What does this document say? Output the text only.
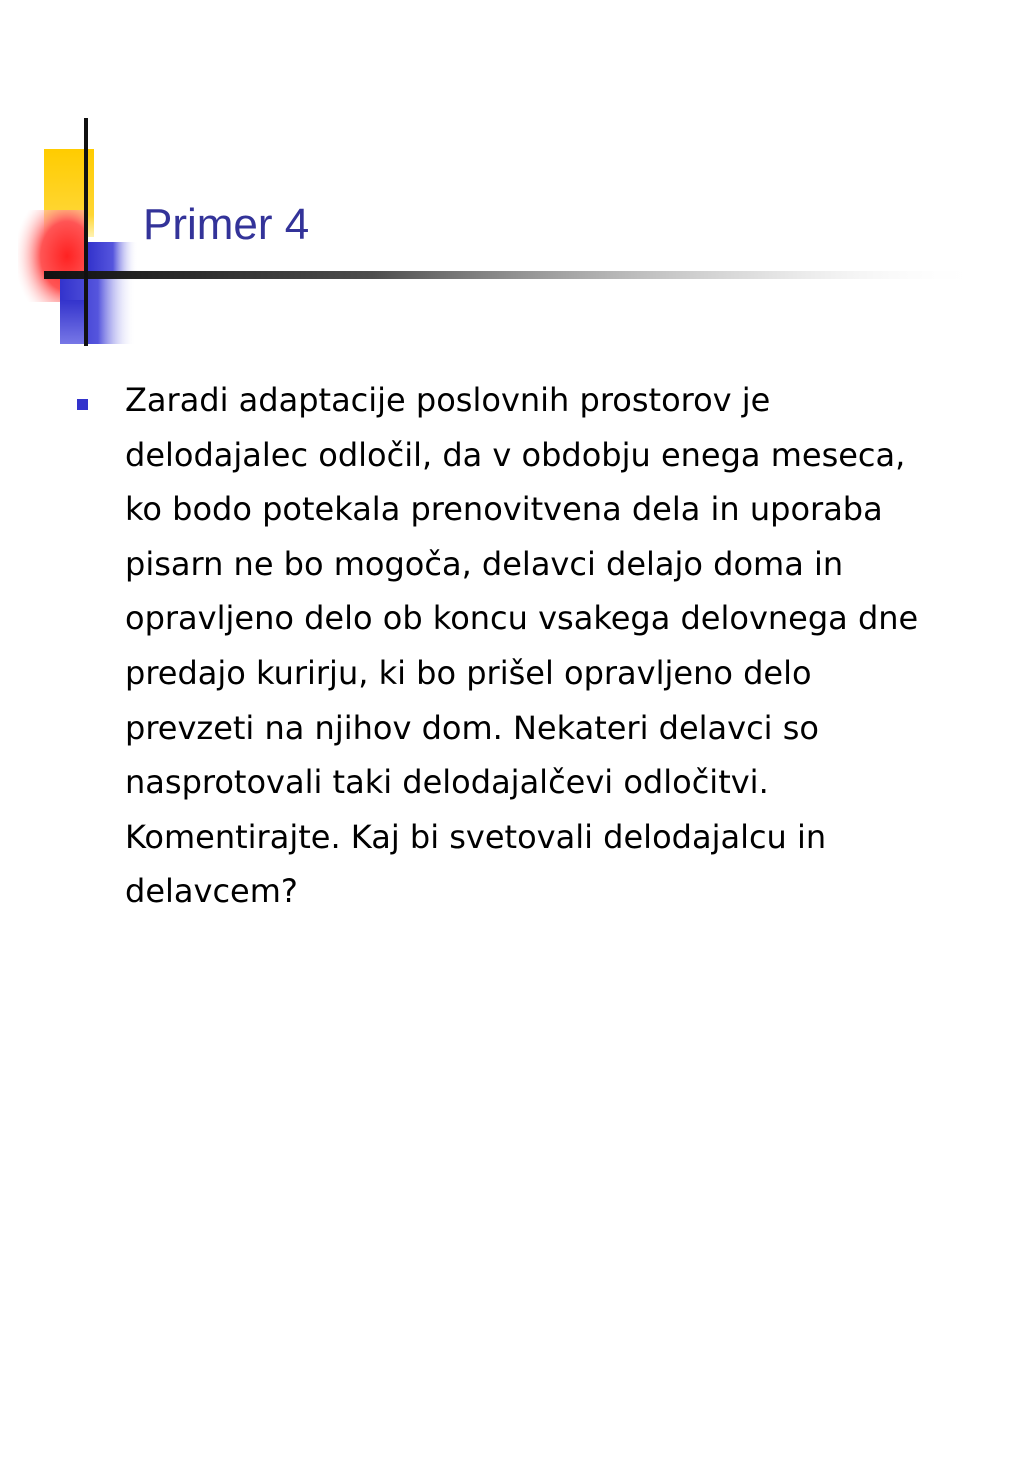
Primer 4
Zaradi adaptacije poslovnih prostorov je delodajalec odločil, da v obdobju enega meseca, ko bodo potekala prenovitvena dela in uporaba pisarn ne bo mogoča, delavci delajo doma in opravljeno delo ob koncu vsakega delovnega dne predajo kurirju, ki bo prišel opravljeno delo prevzeti na njihov dom. Nekateri delavci so nasprotovali taki delodajalčevi odločitvi. Komentirajte. Kaj bi svetovali delodajalcu in delavcem?
